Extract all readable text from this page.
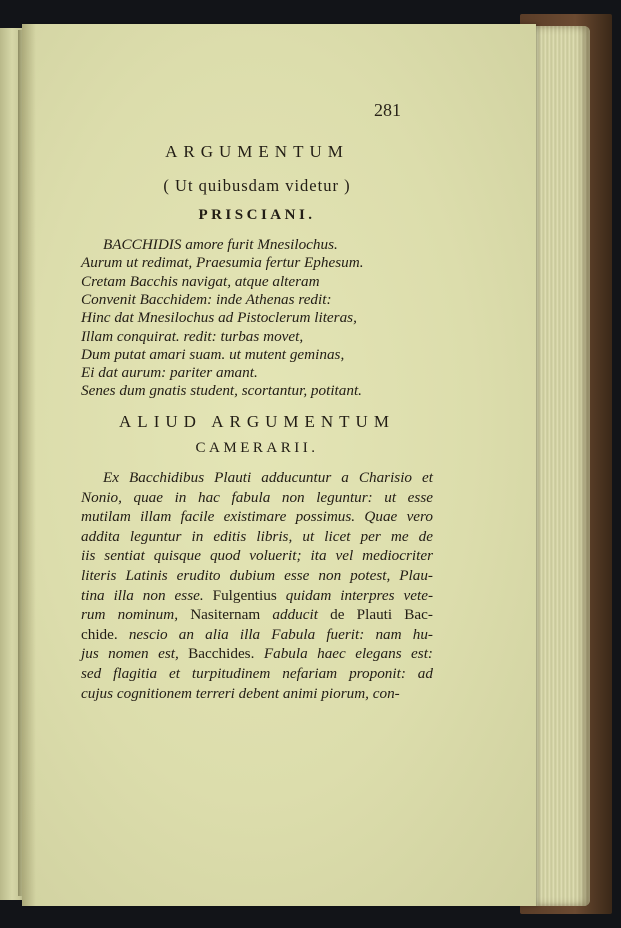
281
ARGUMENTUM
( Ut quibusdam videtur )
PRISCIANI.
BACCHIDIS amore furit Mnesilochus.
Aurum ut redimat, Praesumia fertur Ephesum.
Cretam Bacchis navigat, atque alteram
Convenit Bacchidem: inde Athenas redit:
Hinc dat Mnesilochus ad Pistoclerum literas,
Illam conquirat. redit: turbas movet,
Dum putat amari suam. ut mutent geminas,
Ei dat aurum: pariter amant.
Senes dum gnatis student, scortantur, potitant.
ALIUD ARGUMENTUM
CAMERARII.
Ex Bacchidibus Plauti adducuntur a Charisio et
Nonio, quae in hac fabula non leguntur: ut esse
mutilam illam facile existimare possimus. Quae vero
addita leguntur in editis libris, ut licet per me de
iis sentiat quisque quod voluerit; ita vel mediocriter
literis Latinis erudito dubium esse non potest, Plau-
tina illa non esse. Fulgentius quidam interpres vete-
rum nominum, Nasiternam adducit de Plauti Bac-
chide. nescio an alia illa Fabula fuerit: nam hu-
jus nomen est, Bacchides. Fabula haec elegans est:
sed flagitia et turpitudinem nefariam proponit: ad
cujus cognitionem terreri debent animi piorum, con-
